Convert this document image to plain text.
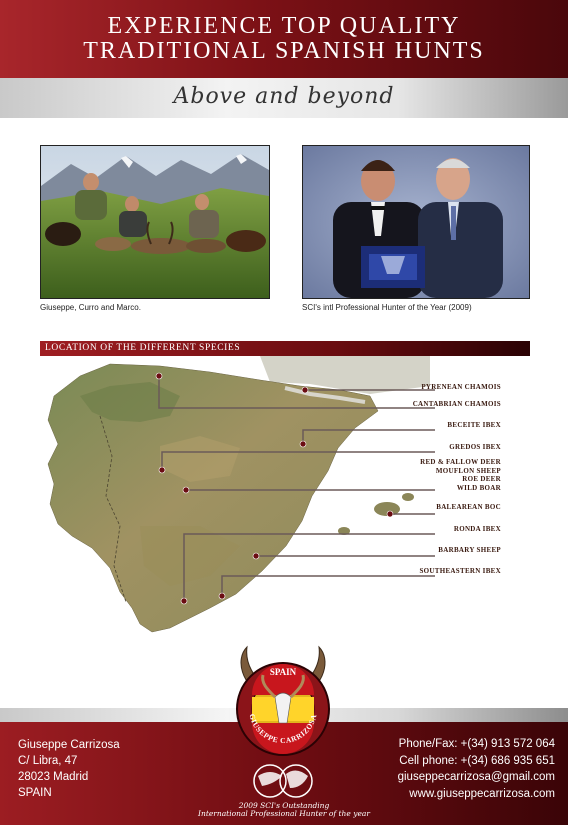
EXPERIENCE TOP QUALITY
TRADITIONAL SPANISH HUNTS
Above and beyond
Giuseppe, Curro and Marco.	SCI's intl Professional Hunter of the Year (2009)
LOCATION OF THE DIFFERENT SPECIES
PYRENEAN CHAMOIS
CANTABRIAN CHAMOIS
BECEITE IBEX
GREDOS IBEX
RED & FALLOW DEER
MOUFLON SHEEP
ROE DEER
WILD BOAR
BALEAREAN BOC
RONDA IBEX
BARBARY SHEEP
SOUTHEASTERN IBEX
Giuseppe Carrizosa
C/ Libra, 47
28023 Madrid
SPAIN
Phone/Fax: +(34) 913 572 064
Cell phone: +(34) 686 935 651
giuseppecarrizosa@gmail.com
www.giuseppecarrizosa.com
SPAIN
GIUSEPPE CARRIZOSA
2009 SCI's Outstanding
International Professional Hunter of the year
